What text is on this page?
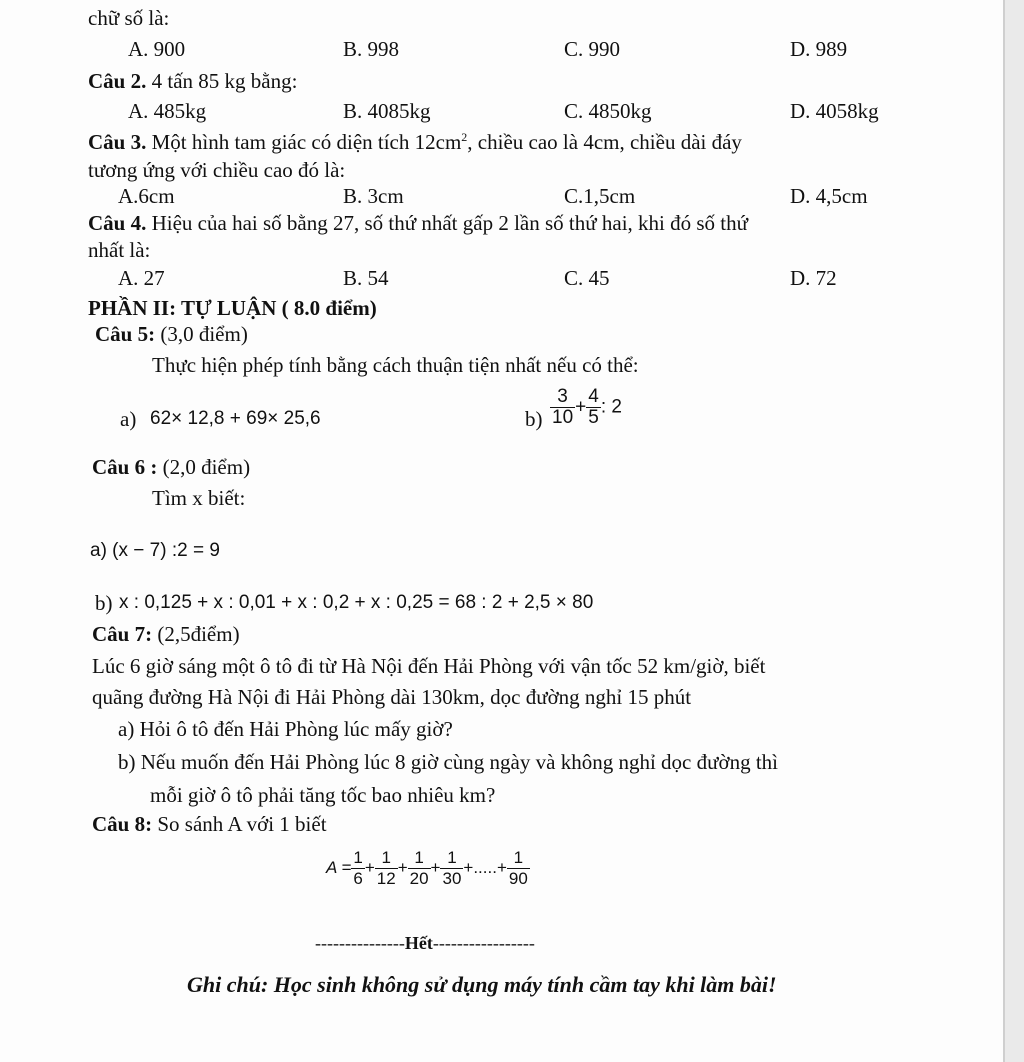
chữ số là:
A. 900	B. 998	C. 990	D. 989
Câu 2. 4 tấn 85 kg bằng:
A. 485kg	B. 4085kg	C. 4850kg	D. 4058kg
Câu 3. Một hình tam giác có diện tích $12cm^2$, chiều cao là 4cm, chiều dài đáy
tương ứng với chiều cao đó là:
A.6cm	B. 3cm	C.1,5cm	D. 4,5cm
Câu 4. Hiệu của hai số bằng 27, số thứ nhất gấp 2 lần số thứ hai, khi đó số thứ
nhất là:
A. 27	B. 54	C. 45	D. 72
PHẦN II: TỰ LUẬN ( 8.0 điểm)
Câu 5: (3,0 điểm)
Thực hiện phép tính bằng cách thuận tiện nhất nếu có thể:
a) 62× 12,8 + 69× 25,6	$b) \frac{3}{10} + \frac{4}{5}$ : 2
Câu 6 : (2,0 điểm)
Tìm x biết:
a) (x − 7) :2 = 9
b) x : 0,125 + x : 0,01 + x : 0,2 + x : 0,25 = 68 : 2 + 2,5 × 80
Câu 7: (2,5điểm)
Lúc 6 giờ sáng một ô tô đi từ Hà Nội đến Hải Phòng với vận tốc 52 km/giờ, biết
quãng đường Hà Nội đi Hải Phòng dài 130km, dọc đường nghỉ 15 phút
a) Hỏi ô tô đến Hải Phòng lúc mấy giờ?
b) Nếu muốn đến Hải Phòng lúc 8 giờ cùng ngày và không nghỉ dọc đường thì
mỗi giờ ô tô phải tăng tốc bao nhiêu km?
Câu 8: So sánh A với 1 biết
$A = \frac{1}{6} + \frac{1}{12} + \frac{1}{20} + \frac{1}{30}$ +.....+ $\frac{1}{90}$
---------------Hết-----------------
Ghi chú: Học sinh không sử dụng máy tính cầm tay khi làm bài!
